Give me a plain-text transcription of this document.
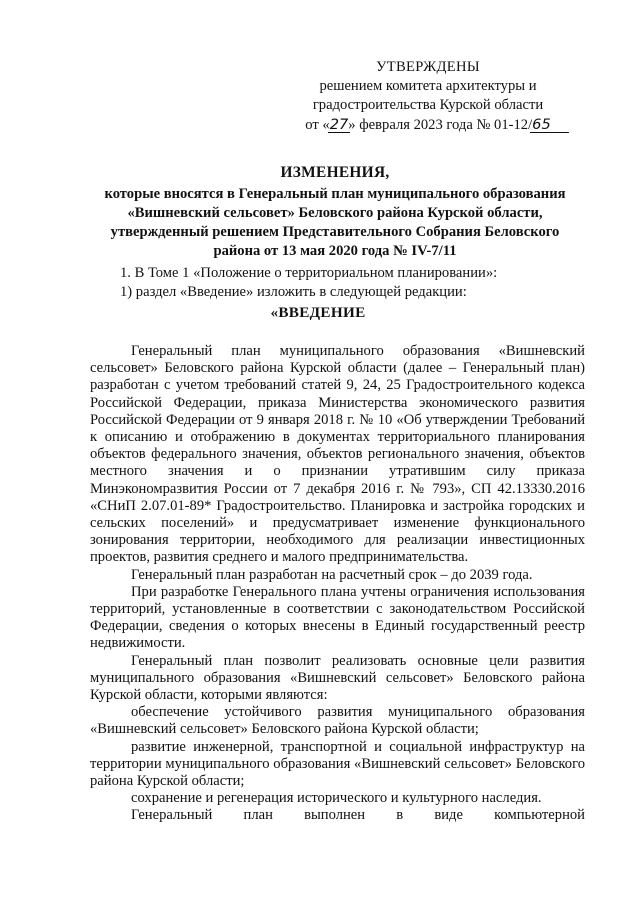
УТВЕРЖДЕНЫ
решением комитета архитектуры и
градостроительства Курской области
от «27
» февраля 2023 года № 01-12/65
ИЗМЕНЕНИЯ,
которые вносятся в Генеральный план муниципального образования «Вишневский сельсовет» Беловского района Курской области, утвержденный решением Представительного Собрания Беловского района от 13 мая 2020 года № IV-7/11
1. В Томе 1 «Положение о территориальном планировании»:
1) раздел «Введение» изложить в следующей редакции:
«ВВЕДЕНИЕ

Генеральный план муниципального образования «Вишневский сельсовет» Беловского района Курской области (далее – Генеральный план) разработан с учетом требований статей 9, 24, 25 Градостроительного кодекса Российской Федерации, приказа Министерства экономического развития Российской Федерации от 9 января 2018 г. № 10 «Об утверждении Требований к описанию и отображению в документах территориального планирования объектов федерального значения, объектов регионального значения, объектов местного значения и о признании утратившим силу приказа Минэкономразвития России от 7 декабря 2016 г. № 793», СП 42.13330.2016 «СНиП 2.07.01-89* Градостроительство. Планировка и застройка городских и сельских поселений» и предусматривает изменение функционального зонирования территории, необходимого для реализации инвестиционных проектов, развития среднего и малого предпринимательства.

Генеральный план разработан на расчетный срок – до 2039 года.

При разработке Генерального плана учтены ограничения использования территорий, установленные в соответствии с законодательством Российской Федерации, сведения о которых внесены в Единый государственный реестр недвижимости.

Генеральный план позволит реализовать основные цели развития муниципального образования «Вишневский сельсовет» Беловского района Курской области, которыми являются:

обеспечение устойчивого развития муниципального образования «Вишневский сельсовет» Беловского района Курской области;

развитие инженерной, транспортной и социальной инфраструктур на территории муниципального образования «Вишневский сельсовет» Беловского района Курской области;

сохранение и регенерация исторического и культурного наследия.

Генеральный план выполнен в виде компьютерной
